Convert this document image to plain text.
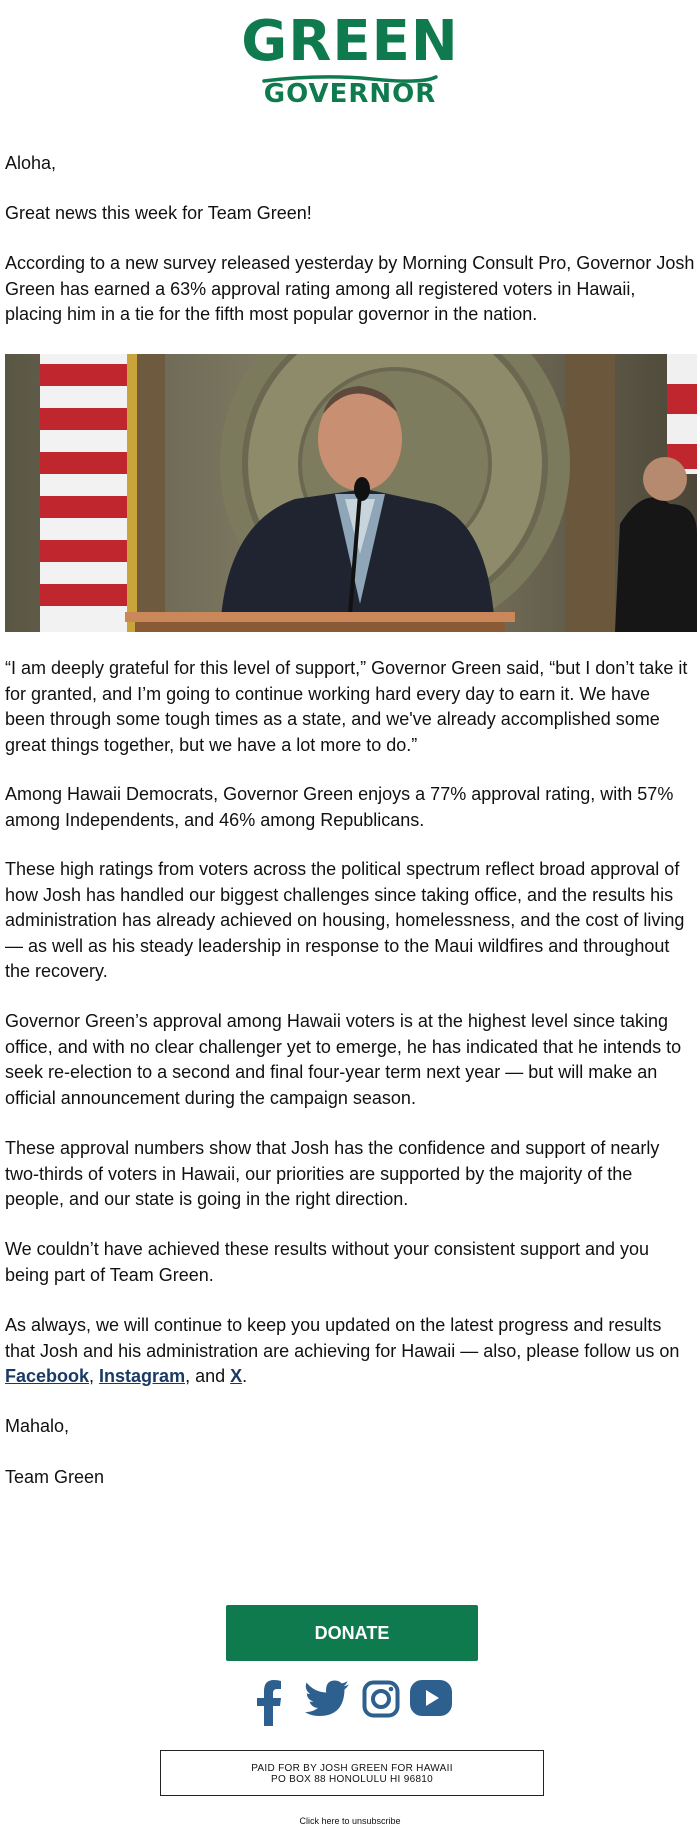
GREEN
GOVERNOR
Aloha,
Great news this week for Team Green!
According to a new survey released yesterday by Morning Consult Pro, Governor Josh Green has earned a 63% approval rating among all registered voters in Hawaii, placing him in a tie for the fifth most popular governor in the nation.
“I am deeply grateful for this level of support,” Governor Green said, “but I don’t take it for granted, and I’m going to continue working hard every day to earn it. We have been through some tough times as a state, and we've already accomplished some great things together, but we have a lot more to do.”
Among Hawaii Democrats, Governor Green enjoys a 77% approval rating, with 57% among Independents, and 46% among Republicans.
These high ratings from voters across the political spectrum reflect broad approval of how Josh has handled our biggest challenges since taking office, and the results his administration has already achieved on housing, homelessness, and the cost of living — as well as his steady leadership in response to the Maui wildfires and throughout the recovery.
Governor Green’s approval among Hawaii voters is at the highest level since taking office, and with no clear challenger yet to emerge, he has indicated that he intends to seek re-election to a second and final four-year term next year — but will make an official announcement during the campaign season.
These approval numbers show that Josh has the confidence and support of nearly two-thirds of voters in Hawaii, our priorities are supported by the majority of the people, and our state is going in the right direction.
We couldn’t have achieved these results without your consistent support and you being part of Team Green.
As always, we will continue to keep you updated on the latest progress and results that Josh and his administration are achieving for Hawaii — also, please follow us on Facebook, Instagram, and X.
Mahalo,
Team Green
DONATE
PAID FOR BY JOSH GREEN FOR HAWAII
PO BOX 88 HONOLULU HI 96810
Click here to unsubscribe
